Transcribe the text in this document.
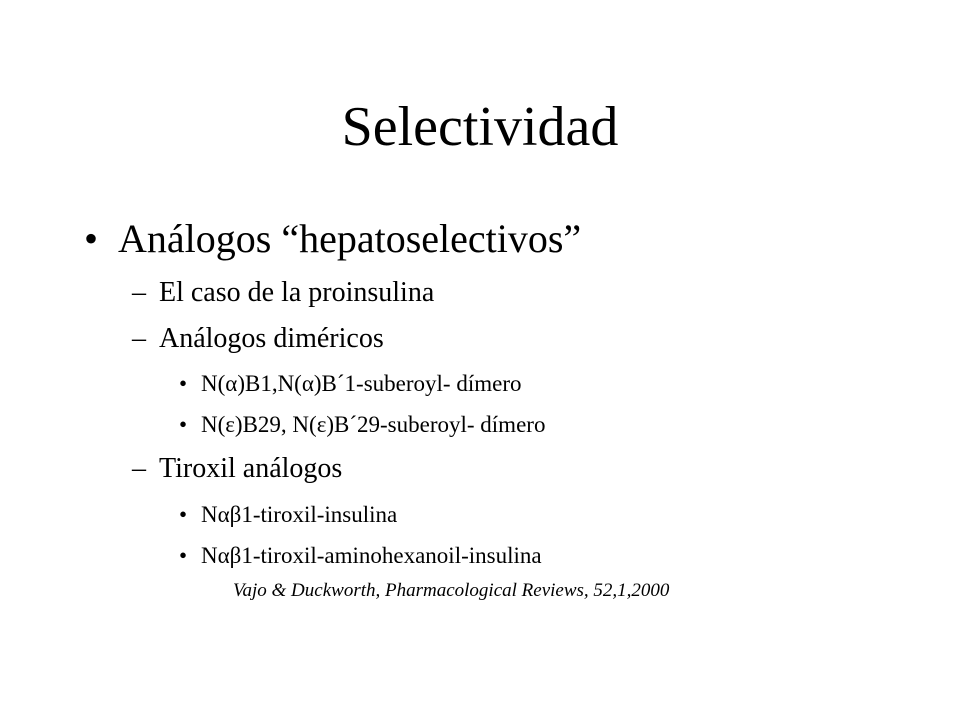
Selectividad
• Análogos “hepatoselectivos”
– El caso de la proinsulina
– Análogos diméricos
• N(α)B1,N(α)B´1-suberoyl- dímero
• N(ε)B29, N(ε)B´29-suberoyl- dímero
– Tiroxil análogos
• Nαβ1-tiroxil-insulina
• Nαβ1-tiroxil-aminohexanoil-insulina
Vajo & Duckworth, Pharmacological Reviews, 52,1,2000
